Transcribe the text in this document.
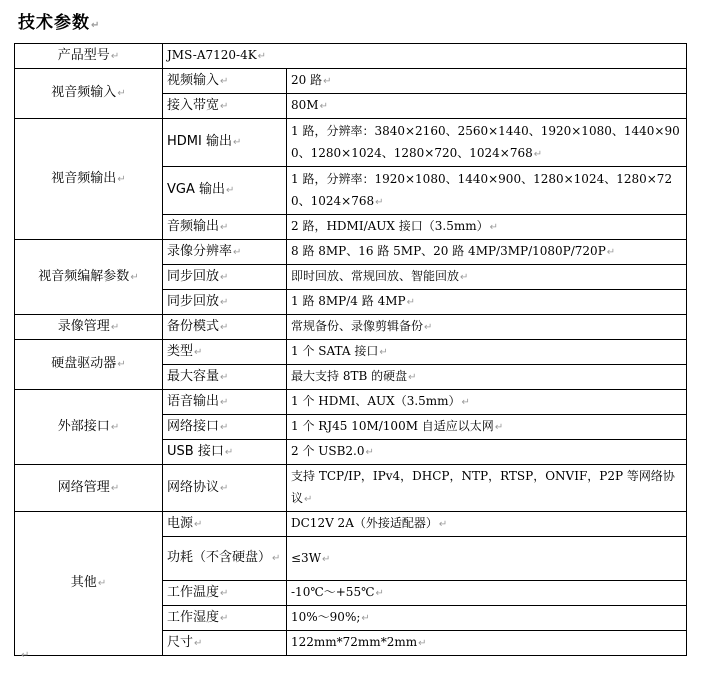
技术参数↵
产品型号↵	JMS-A7120-4K↵	
视音频输入↵	视频输入↵	20 路↵
	接入带宽↵	80M↵
视音频输出↵	HDMI 输出↵	1 路，分辨率：3840×2160、2560×1440、1920×1080、1440×900、1280×1024、1280×720、1024×768↵
	VGA 输出↵	1 路，分辨率：1920×1080、1440×900、1280×1024、1280×720、1024×768↵
	音频输出↵	2 路，HDMI/AUX 接口（3.5mm）↵
视音频编解参数↵	录像分辨率↵	8 路 8MP、16 路 5MP、20 路 4MP/3MP/1080P/720P↵
	同步回放↵	即时回放、常规回放、智能回放↵
	同步回放↵	1 路 8MP/4 路 4MP↵
录像管理↵	备份模式↵	常规备份、录像剪辑备份↵
硬盘驱动器↵	类型↵	1 个 SATA 接口↵
	最大容量↵	最大支持 8TB 的硬盘↵
外部接口↵	语音输出↵	1 个 HDMI、AUX（3.5mm）↵
	网络接口↵	1 个 RJ45 10M/100M 自适应以太网↵
	USB 接口↵	2 个 USB2.0↵
网络管理↵	网络协议↵	支持 TCP/IP，IPv4，DHCP，NTP，RTSP，ONVIF，P2P 等网络协议↵
其他↵	电源↵	DC12V 2A（外接适配器）↵
	功耗（不含硬盘）↵	≤3W↵
	工作温度↵	-10℃～+55℃↵
	工作湿度↵	10%～90%;↵
	尺寸↵	122mm*72mm*2mm↵
↵
